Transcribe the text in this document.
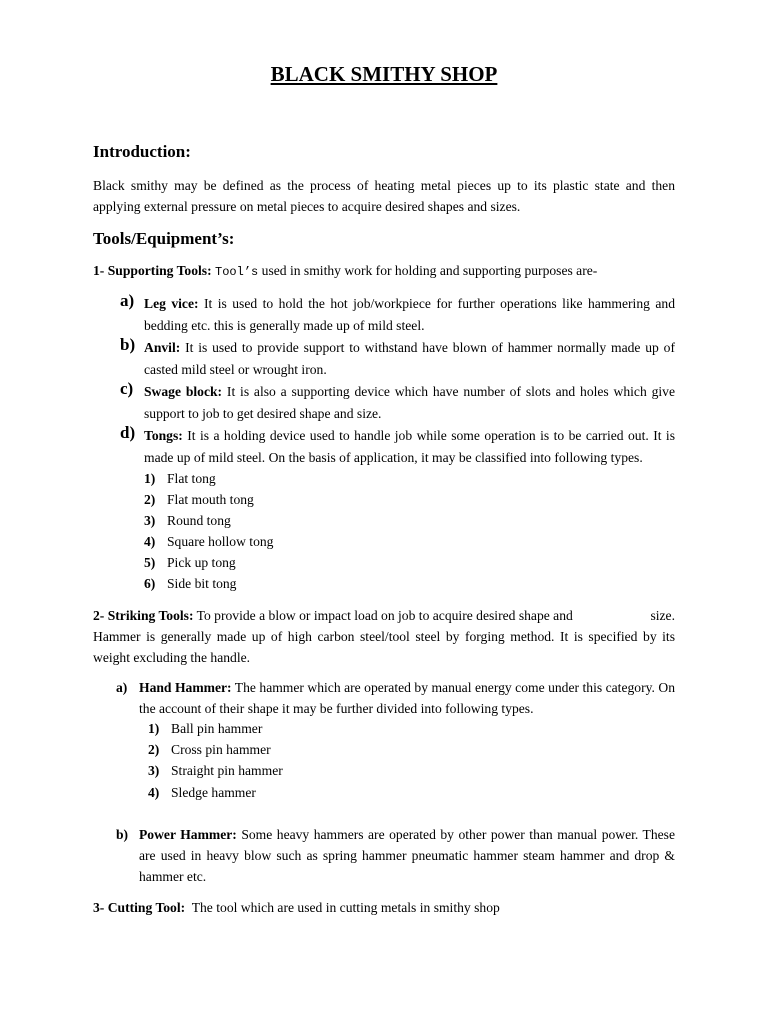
BLACK SMITHY SHOP
Introduction:
Black smithy may be defined as the process of heating metal pieces up to its plastic state and then applying external pressure on metal pieces to acquire desired shapes and sizes.
Tools/Equipment’s:
1- Supporting Tools: Tool’s used in smithy work for holding and supporting purposes are-
a) Leg vice: It is used to hold the hot job/workpiece for further operations like hammering and bedding etc. this is generally made up of mild steel.
b) Anvil: It is used to provide support to withstand have blown of hammer normally made up of casted mild steel or wrought iron.
c) Swage block: It is also a supporting device which have number of slots and holes which give support to job to get desired shape and size.
d) Tongs: It is a holding device used to handle job while some operation is to be carried out. It is made up of mild steel. On the basis of application, it may be classified into following types.
1) Flat tong
2) Flat mouth tong
3) Round tong
4) Square hollow tong
5) Pick up tong
6) Side bit tong
2- Striking Tools: To provide a blow or impact load on job to acquire desired shape and	size.
Hammer is generally made up of high carbon steel/tool steel by forging method. It is specified by its weight excluding the handle.
a) Hand Hammer: The hammer which are operated by manual energy come under this category. On the account of their shape it may be further divided into following types.
1) Ball pin hammer
2) Cross pin hammer
3) Straight pin hammer
4) Sledge hammer
b) Power Hammer: Some heavy hammers are operated by other power than manual power. These are used in heavy blow such as spring hammer pneumatic hammer steam hammer and drop & hammer etc.
3- Cutting Tool:  The tool which are used in cutting metals in smithy shop
